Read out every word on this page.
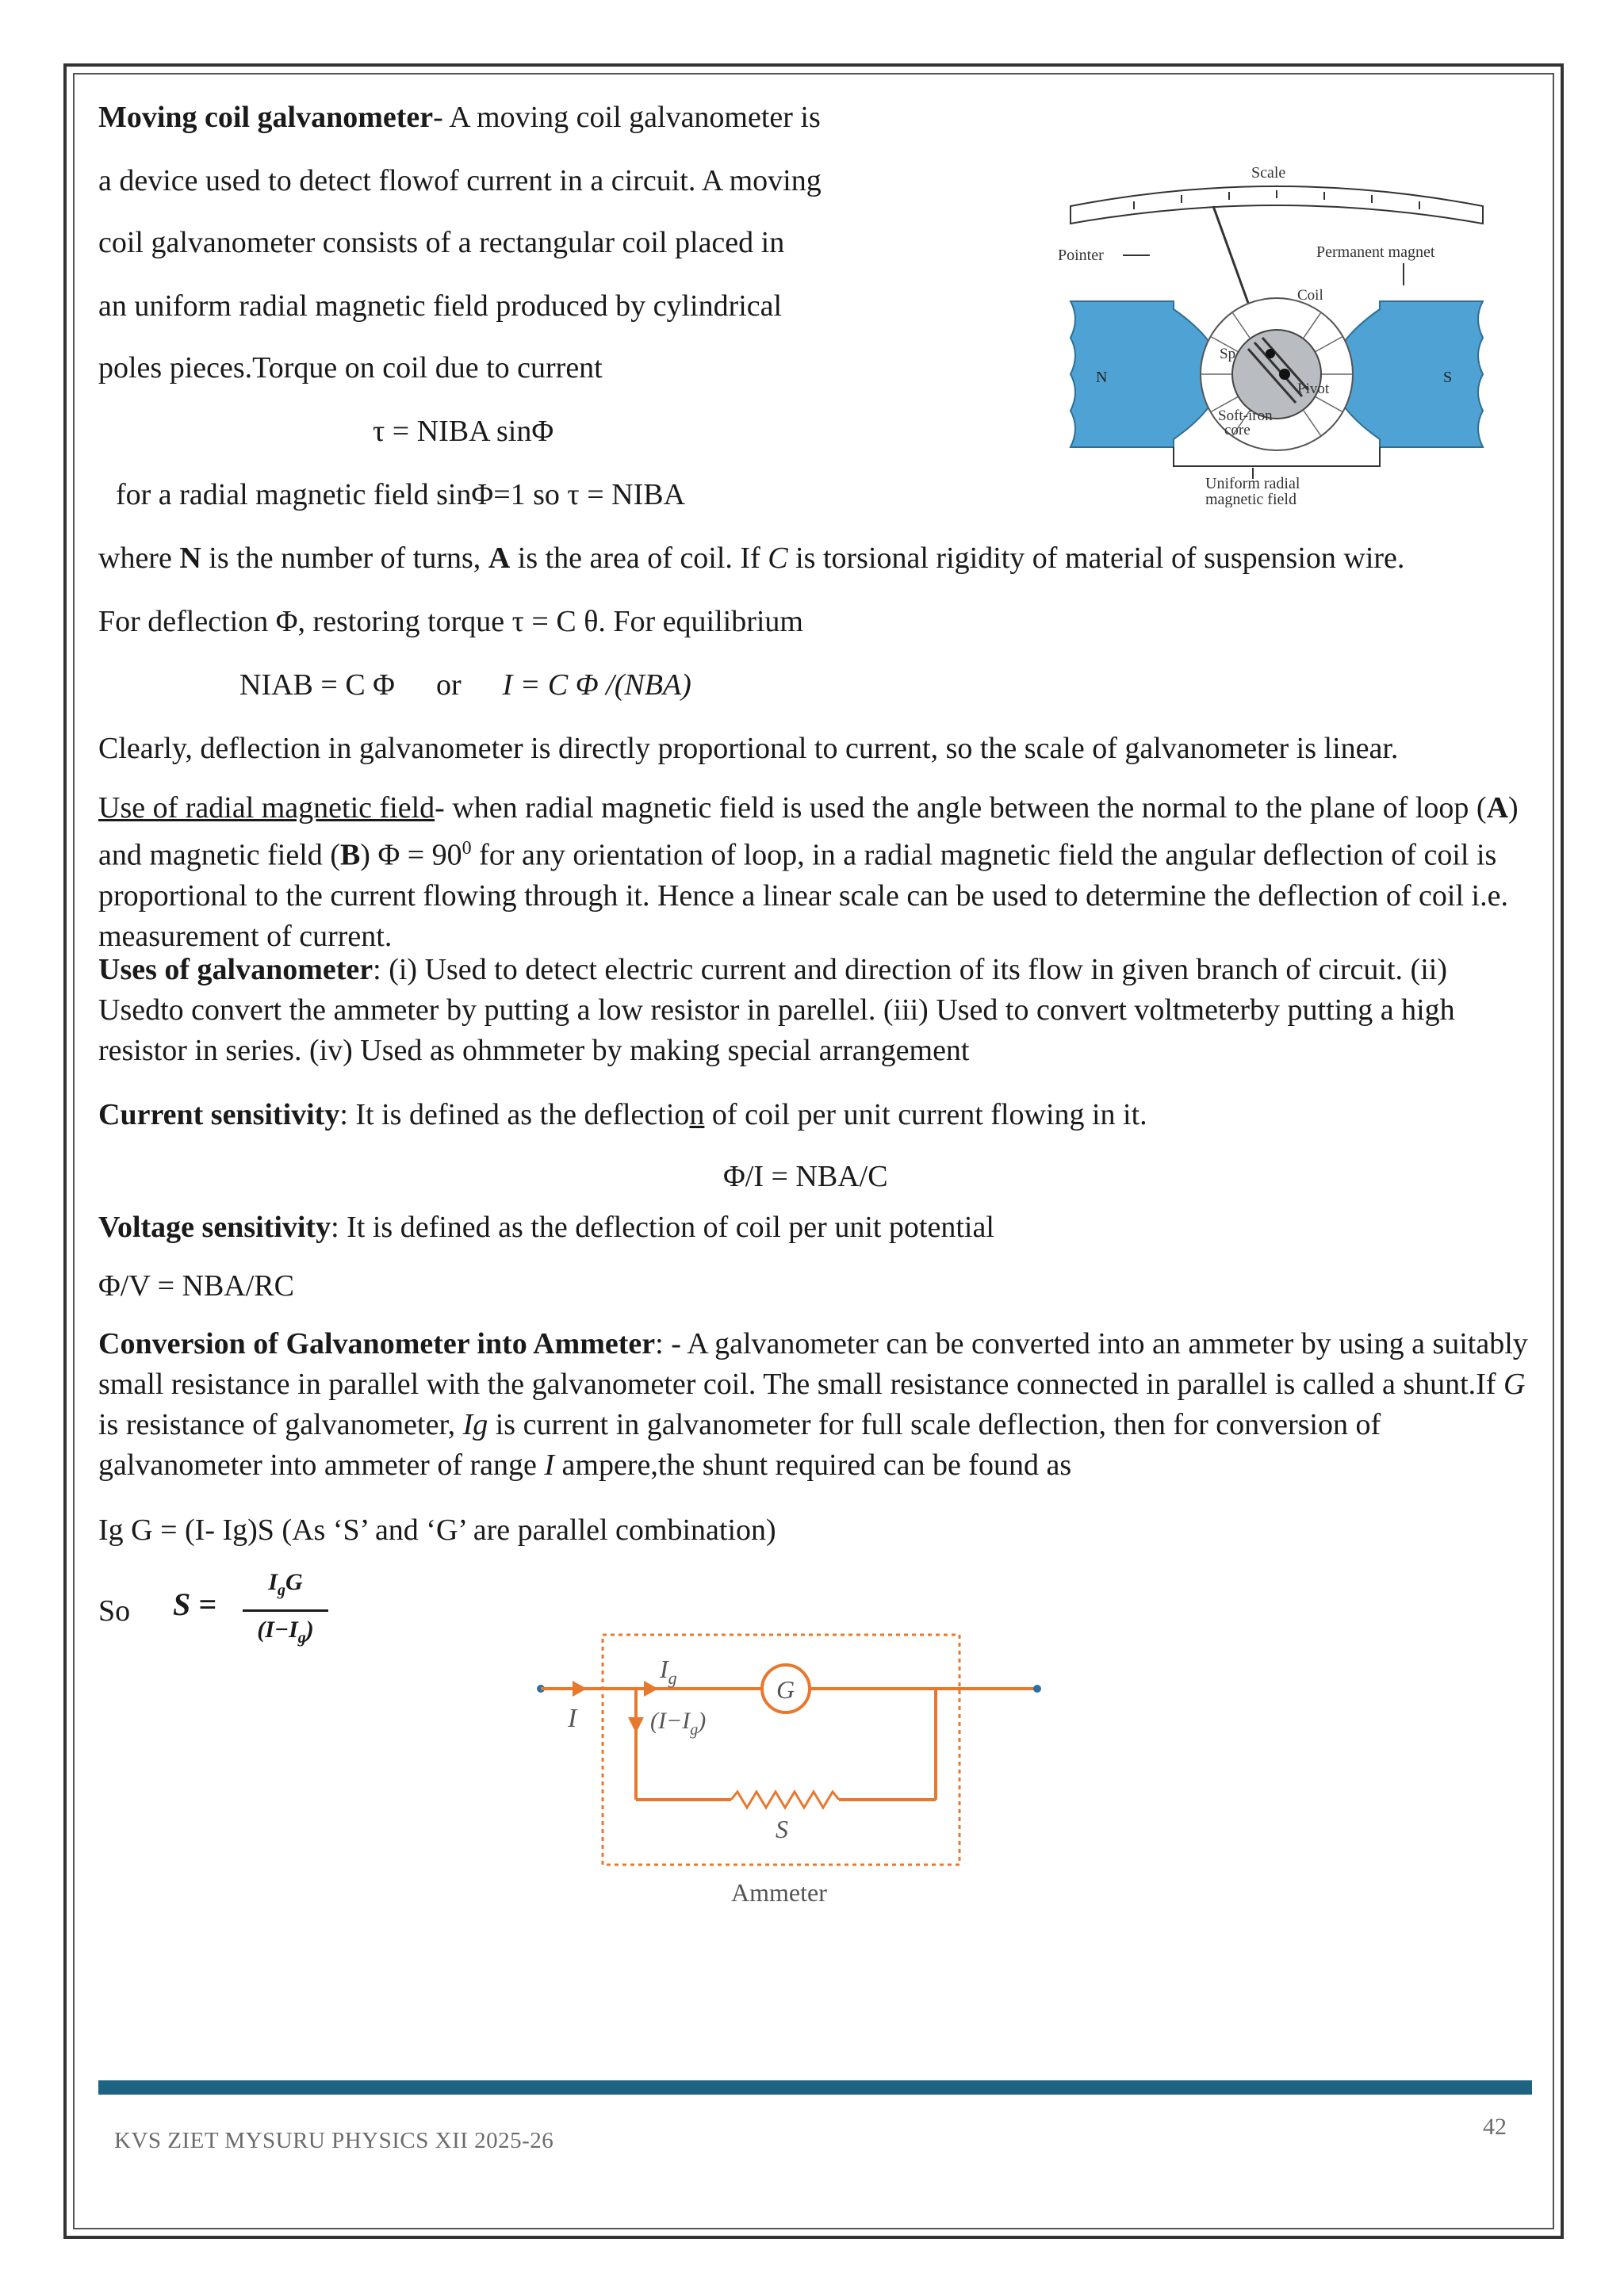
Moving coil galvanometer- A moving coil galvanometer is
a device used to detect flowof current in a circuit. A moving
coil galvanometer consists of a rectangular coil placed in
an uniform radial magnetic field produced by cylindrical
poles pieces.Torque on coil due to current
τ = NIBA sinΦ
for a radial magnetic field sinΦ=1 so τ = NIBA
Scale
Pointer	Permanent magnet
N	S
Coil
Sp
Pivot
Soft-iron
core
Uniform radial
magnetic field
where N is the number of turns, A is the area of coil. If C is torsional rigidity of material of suspension wire.
For deflection Φ, restoring torque τ = C θ. For equilibrium
NIAB = C Φ or I = C Φ /(NBA)
Clearly, deflection in galvanometer is directly proportional to current, so the scale of galvanometer is linear.
Use of radial magnetic field- when radial magnetic field is used the angle between the normal to the plane of loop (A) and magnetic field (B) $\Phi = 90^0$ for any orientation of loop, in a radial magnetic field the angular deflection of coil is proportional to the current flowing through it. Hence a linear scale can be used to determine the deflection of coil i.e. measurement of current.
Uses of galvanometer: (i) Used to detect electric current and direction of its flow in given branch of circuit. (ii) Usedto convert the ammeter by putting a low resistor in parellel. (iii) Used to convert voltmeterby putting a high resistor in series. (iv) Used as ohmmeter by making special arrangement
Current sensitivity: It is defined as the deflection of coil per unit current flowing in it.
Φ/I = NBA/C
Voltage sensitivity: It is defined as the deflection of coil per unit potential
Φ/V = NBA/RC
Conversion of Galvanometer into Ammeter: - A galvanometer can be converted into an ammeter by using a suitably small resistance in parallel with the galvanometer coil. The small resistance connected in parallel is called a shunt.If G is resistance of galvanometer, Ig is current in galvanometer for full scale deflection, then for conversion of galvanometer into ammeter of range I ampere,the shunt required can be found as
Ig G = (I- Ig)S (As ‘S’ and ‘G’ are parallel combination)
So S =
$I_gG$
$(I-I_g)$
I
$I_g$	G
$(I-I_g)$
S
Ammeter
KVS ZIET MYSURU PHYSICS XII 2025-26
42
